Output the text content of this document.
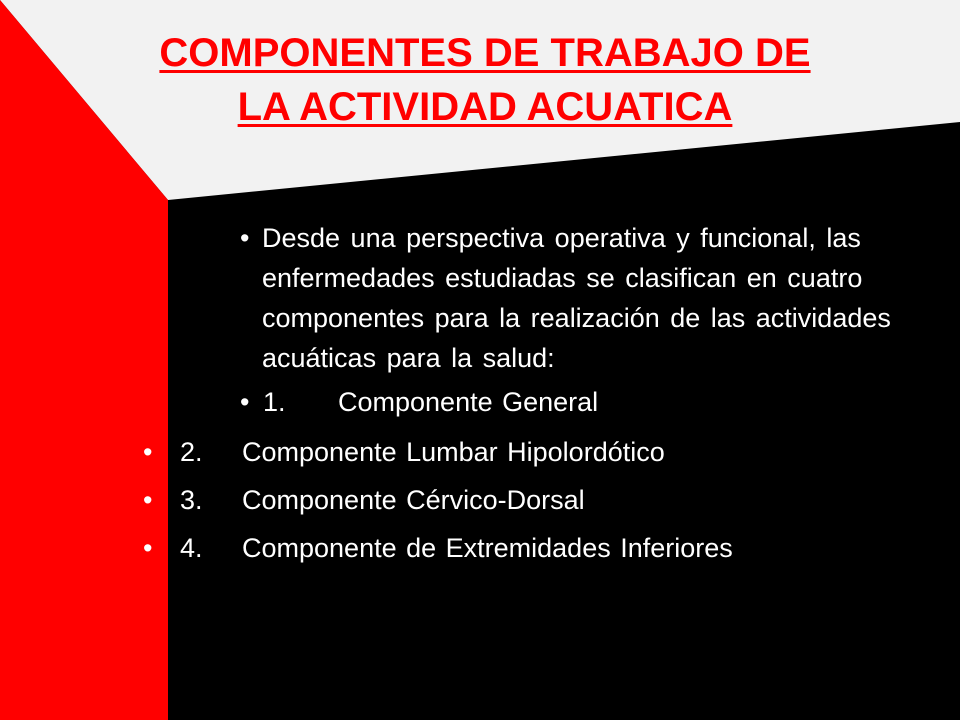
COMPONENTES DE TRABAJO DE
LA ACTIVIDAD ACUATICA
• Desde una perspectiva operativa y funcional, las enfermedades estudiadas se clasifican en cuatro componentes para la realización de las actividades acuáticas para la salud:
• 1. Componente General
• 2. Componente Lumbar Hipolordótico
• 3. Componente Cérvico-Dorsal
• 4. Componente de Extremidades Inferiores
